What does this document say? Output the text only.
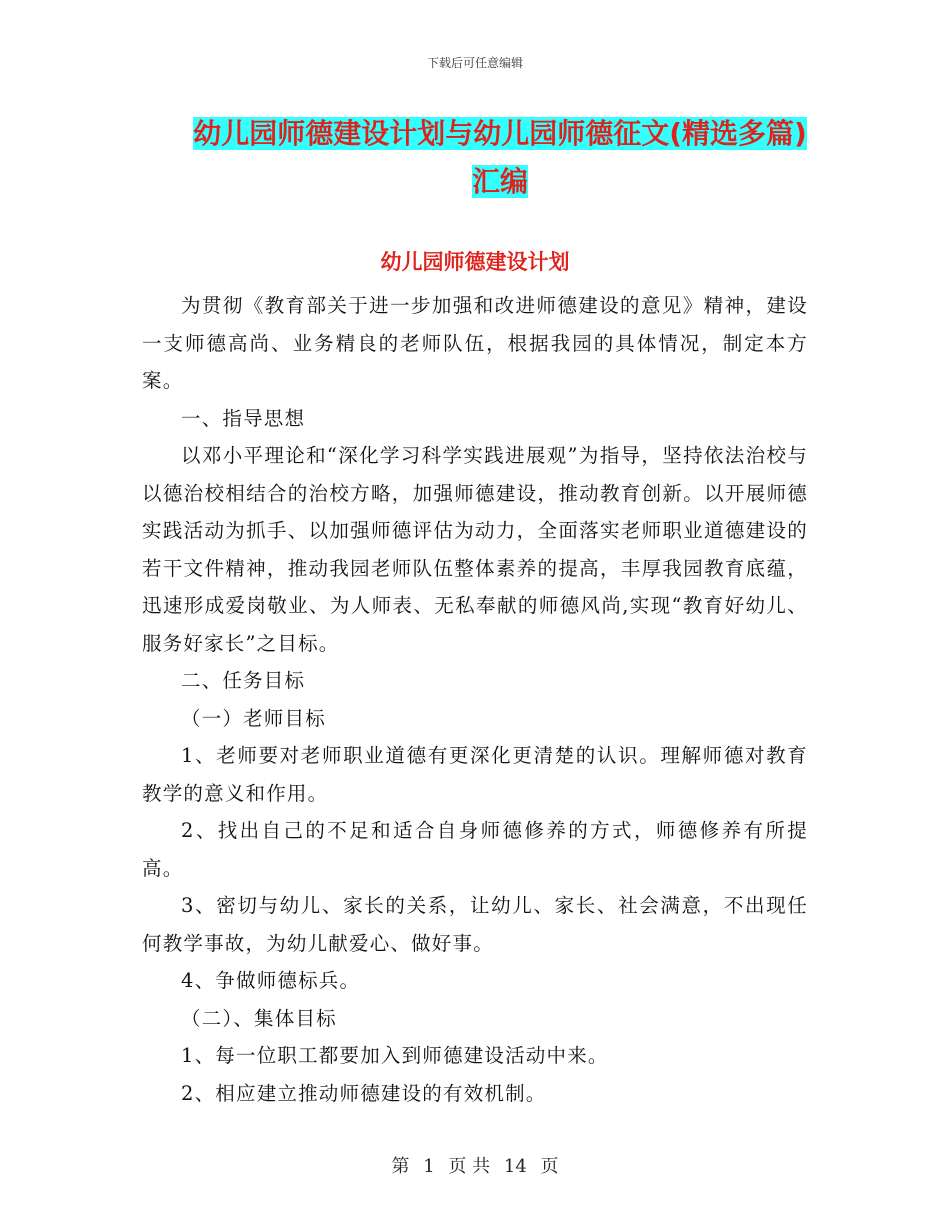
下载后可任意编辑
幼儿园师德建设计划与幼儿园师德征文(精选多篇)汇编
幼儿园师德建设计划

为贯彻《教育部关于进一步加强和改进师德建设的意见》精神，建设一支师德高尚、业务精良的老师队伍，根据我园的具体情况，制定本方案。

一、指导思想

以邓小平理论和“深化学习科学实践进展观”为指导，坚持依法治校与以德治校相结合的治校方略，加强师德建设，推动教育创新。以开展师德实践活动为抓手、以加强师德评估为动力，全面落实老师职业道德建设的若干文件精神，推动我园老师队伍整体素养的提高，丰厚我园教育底蕴，迅速形成爱岗敬业、为人师表、无私奉献的师德风尚,实现“教育好幼儿、服务好家长”之目标。

二、任务目标

（一）老师目标

1、老师要对老师职业道德有更深化更清楚的认识。理解师德对教育教学的意义和作用。

2、找出自己的不足和适合自身师德修养的方式，师德修养有所提高。

3、密切与幼儿、家长的关系，让幼儿、家长、社会满意，不出现任何教学事故，为幼儿献爱心、做好事。

4、争做师德标兵。

（二）、集体目标

1、每一位职工都要加入到师德建设活动中来。

2、相应建立推动师德建设的有效机制。

第 1 页 共 14 页
